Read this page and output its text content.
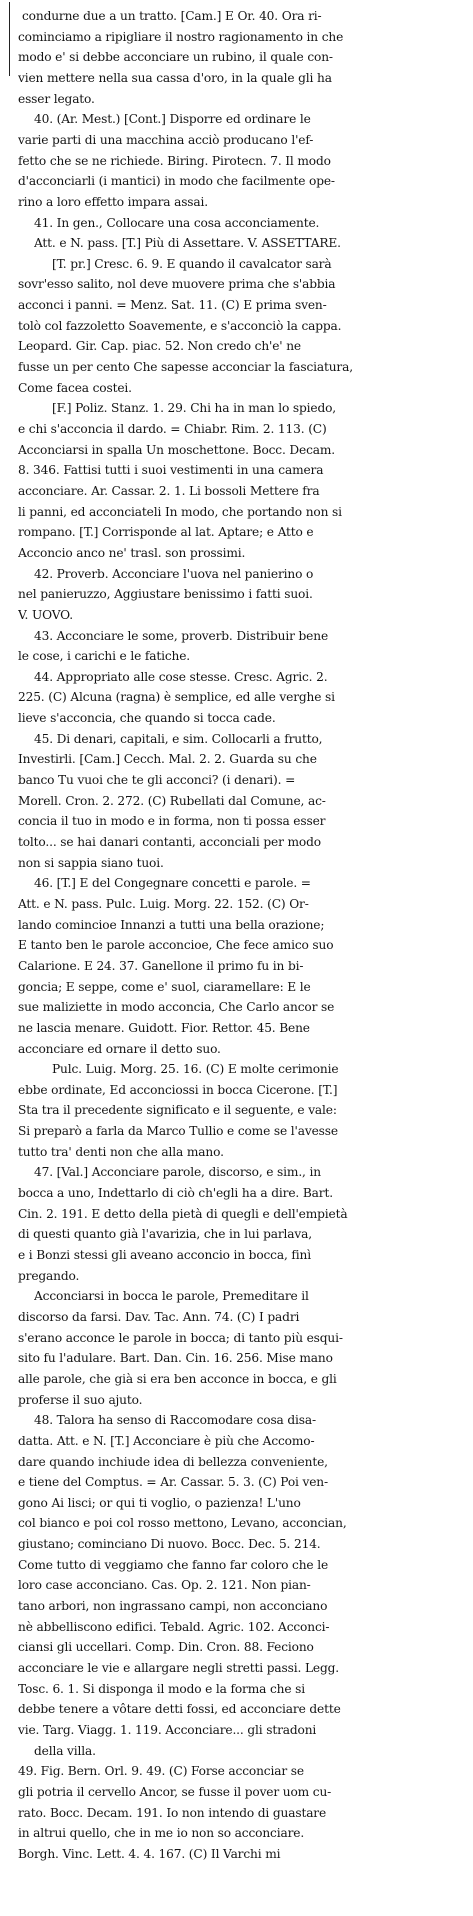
condurne due a un tratto. [Cam.] E Or. 40. Ora ri-
cominciamo a ripigliare il nostro ragionamento in che
modo e' si debbe acconciare un rubino, il quale con-
vien mettere nella sua cassa d'oro, in la quale gli ha
esser legato.
40. (Ar. Mest.) [Cont.] Disporre ed ordinare le
varie parti di una macchina acciò producano l'ef-
fetto che se ne richiede. Biring. Pirotecn. 7. Il modo
d'acconciarli (i mantici) in modo che facilmente ope-
rino a loro effetto impara assai.
41. In gen., Collocare una cosa acconciamente.
Att. e N. pass. [T.] Più di Assettare. V. ASSETTARE.
[T. pr.] Cresc. 6. 9. E quando il cavalcator sarà
sovr'esso salito, nol deve muovere prima che s'abbia
acconci i panni. = Menz. Sat. 11. (C) E prima sven-
tolò col fazzoletto Soavemente, e s'acconciò la cappa.
Leopard. Gir. Cap. piac. 52. Non credo ch'e' ne
fusse un per cento Che sapesse acconciar la fasciatura,
Come facea costei.
[F.] Poliz. Stanz. 1. 29. Chi ha in man lo spiedo,
e chi s'acconcia il dardo. = Chiabr. Rim. 2. 113. (C)
Acconciarsi in spalla Un moschettone. Bocc. Decam.
8. 346. Fattisi tutti i suoi vestimenti in una camera
acconciare. Ar. Cassar. 2. 1. Li bossoli Mettere fra
li panni, ed acconciateli In modo, che portando non si
rompano. [T.] Corrisponde al lat. Aptare; e Atto e
Acconcio anco ne' trasl. son prossimi.
42. Proverb. Acconciare l'uova nel panierino o
nel panieruzzo, Aggiustare benissimo i fatti suoi.
V. UOVO.
43. Acconciare le some, proverb. Distribuir bene
le cose, i carichi e le fatiche.
44. Appropriato alle cose stesse. Cresc. Agric. 2.
225. (C) Alcuna (ragna) è semplice, ed alle verghe si
lieve s'acconcia, che quando si tocca cade.
45. Di denari, capitali, e sim. Collocarli a frutto,
Investirli. [Cam.] Cecch. Mal. 2. 2. Guarda su che
banco Tu vuoi che te gli acconci? (i denari). =
Morell. Cron. 2. 272. (C) Rubellati dal Comune, ac-
concia il tuo in modo e in forma, non ti possa esser
tolto... se hai danari contanti, acconciali per modo
non si sappia siano tuoi.
46. [T.] E del Congegnare concetti e parole. =
Att. e N. pass. Pulc. Luig. Morg. 22. 152. (C) Or-
lando comincioe Innanzi a tutti una bella orazione;
E tanto ben le parole acconcioe, Che fece amico suo
Calarione. E 24. 37. Ganellone il primo fu in bi-
goncia; E seppe, come e' suol, ciaramellare: E le
sue maliziette in modo acconcia, Che Carlo ancor se
ne lascia menare. Guidott. Fior. Rettor. 45. Bene
acconciare ed ornare il detto suo.
Pulc. Luig. Morg. 25. 16. (C) E molte cerimonie
ebbe ordinate, Ed acconciossi in bocca Cicerone. [T.]
Sta tra il precedente significato e il seguente, e vale:
Si preparò a farla da Marco Tullio e come se l'avesse
tutto tra' denti non che alla mano.
47. [Val.] Acconciare parole, discorso, e sim., in
bocca a uno, Indettarlo di ciò ch'egli ha a dire. Bart.
Cin. 2. 191. E detto della pietà di quegli e dell'empietà
di questi quanto già l'avarizia, che in lui parlava,
e i Bonzi stessi gli aveano acconcio in bocca, finì
pregando.
Acconciarsi in bocca le parole, Premeditare il
discorso da farsi. Dav. Tac. Ann. 74. (C) I padri
s'erano acconce le parole in bocca; di tanto più esqui-
sito fu l'adulare. Bart. Dan. Cin. 16. 256. Mise mano
alle parole, che già si era ben acconce in bocca, e gli
proferse il suo ajuto.
48. Talora ha senso di Raccomodare cosa disa-
datta. Att. e N. [T.] Acconciare è più che Accomo-
dare quando inchiude idea di bellezza conveniente,
e tiene del Comptus. = Ar. Cassar. 5. 3. (C) Poi ven-
gono Ai lisci; or qui ti voglio, o pazienza! L'uno
col bianco e poi col rosso mettono, Levano, acconcian,
giustano; cominciano Di nuovo. Bocc. Dec. 5. 214.
Come tutto di veggiamo che fanno far coloro che le
loro case acconciano. Cas. Op. 2. 121. Non pian-
tano arbori, non ingrassano campi, non acconciano
nè abbelliscono edifici. Tebald. Agric. 102. Acconci-
ciansi gli uccellari. Comp. Din. Cron. 88. Feciono
acconciare le vie e allargare negli stretti passi. Legg.
Tosc. 6. 1. Si disponga il modo e la forma che si
debbe tenere a vôtare detti fossi, ed acconciare dette
vie. Targ. Viagg. 1. 119. Acconciare... gli stradoni
della villa.
49. Fig. Bern. Orl. 9. 49. (C) Forse acconciar se
gli potria il cervello Ancor, se fusse il pover uom cu-
rato. Bocc. Decam. 191. Io non intendo di guastare
in altrui quello, che in me io non so acconciare.
Borgh. Vinc. Lett. 4. 4. 167. (C) Il Varchi mi
